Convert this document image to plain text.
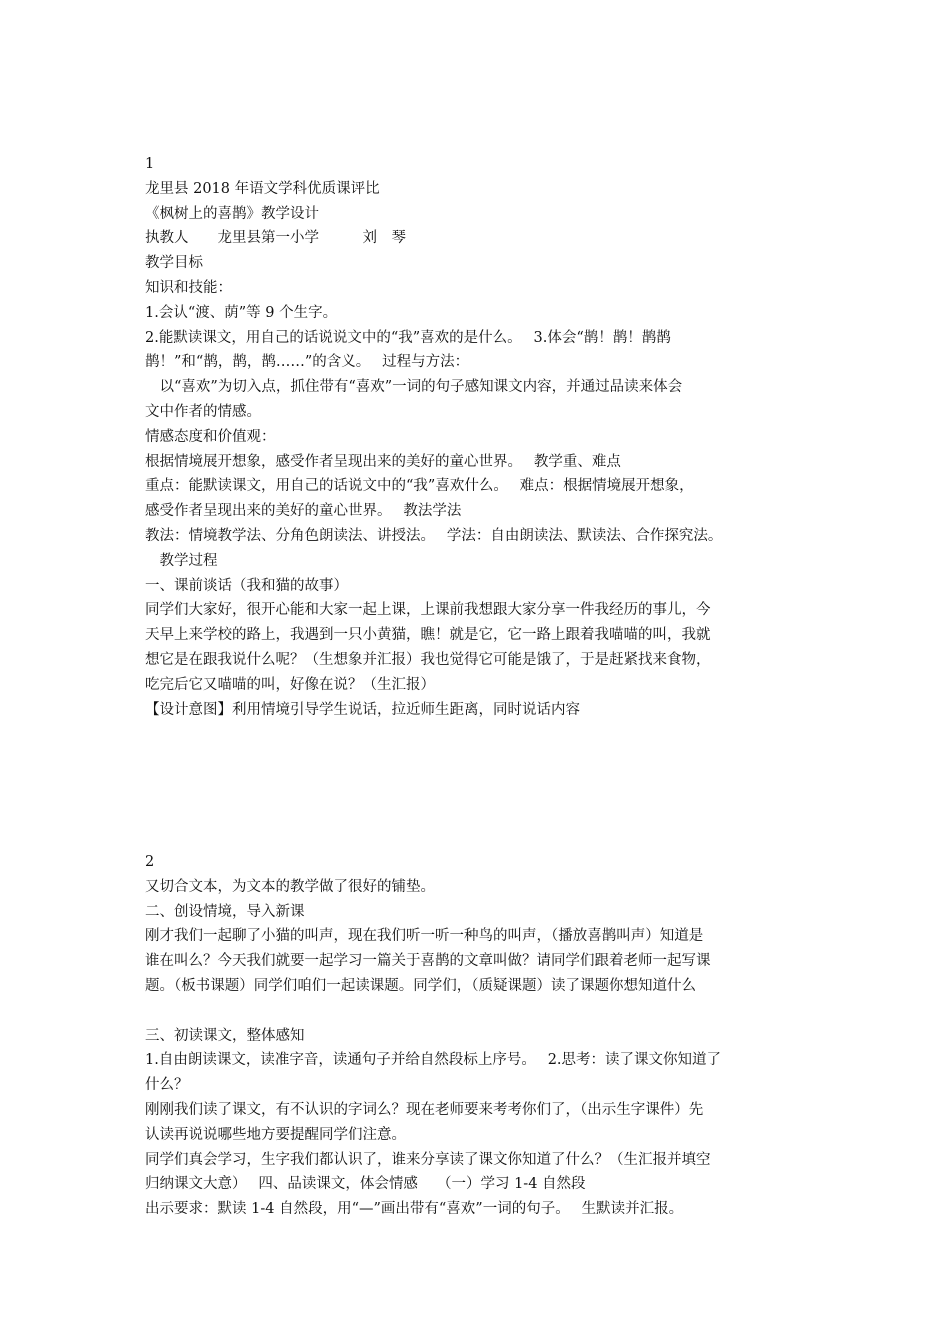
1
龙里县 2018 年语文学科优质课评比
《枫树上的喜鹊》教学设计
执教人　　龙里县第一小学　　　刘　琴
教学目标
知识和技能：
1.会认“渡、荫”等 9 个生字。
2.能默读课文，用自己的话说说文中的“我”喜欢的是什么。　 3.体会“鹊！鹊！鹊鹊
鹊！”和“鹊，鹊，鹊……”的含义。　 过程与方法：
　以“喜欢”为切入点，抓住带有“喜欢”一词的句子感知课文内容，并通过品读来体会
文中作者的情感。
情感态度和价值观：
根据情境展开想象，感受作者呈现出来的美好的童心世界。　 教学重、难点
重点：能默读课文，用自己的话说文中的“我”喜欢什么。　 难点：根据情境展开想象，
感受作者呈现出来的美好的童心世界。　 教法学法
教法：情境教学法、分角色朗读法、讲授法。　 学法：自由朗读法、默读法、合作探究法。
　教学过程
一、课前谈话（我和猫的故事）
同学们大家好，很开心能和大家一起上课，上课前我想跟大家分享一件我经历的事儿，今
天早上来学校的路上，我遇到一只小黄猫，瞧！就是它，它一路上跟着我喵喵的叫，我就
想它是在跟我说什么呢？（生想象并汇报）我也觉得它可能是饿了，于是赶紧找来食物，
吃完后它又喵喵的叫，好像在说？（生汇报）
【设计意图】利用情境引导学生说话，拉近师生距离，同时说话内容
2
又切合文本，为文本的教学做了很好的铺垫。
二、创设情境，导入新课
刚才我们一起聊了小猫的叫声，现在我们听一听一种鸟的叫声，（播放喜鹊叫声）知道是
谁在叫么？今天我们就要一起学习一篇关于喜鹊的文章叫做？请同学们跟着老师一起写课
题。（板书课题）同学们咱们一起读课题。同学们，（质疑课题）读了课题你想知道什么

三、初读课文，整体感知
1.自由朗读课文，读准字音，读通句子并给自然段标上序号。　 2.思考：读了课文你知道了
什么？
刚刚我们读了课文，有不认识的字词么？现在老师要来考考你们了，（出示生字课件）先
认读再说说哪些地方要提醒同学们注意。
同学们真会学习，生字我们都认识了，谁来分享读了课文你知道了什么？（生汇报并填空
归纳课文大意）　 四、品读课文，体会情感　 （一）学习 1-4 自然段
出示要求：默读 1-4 自然段，用“—”画出带有“喜欢”一词的句子。　 生默读并汇报。
